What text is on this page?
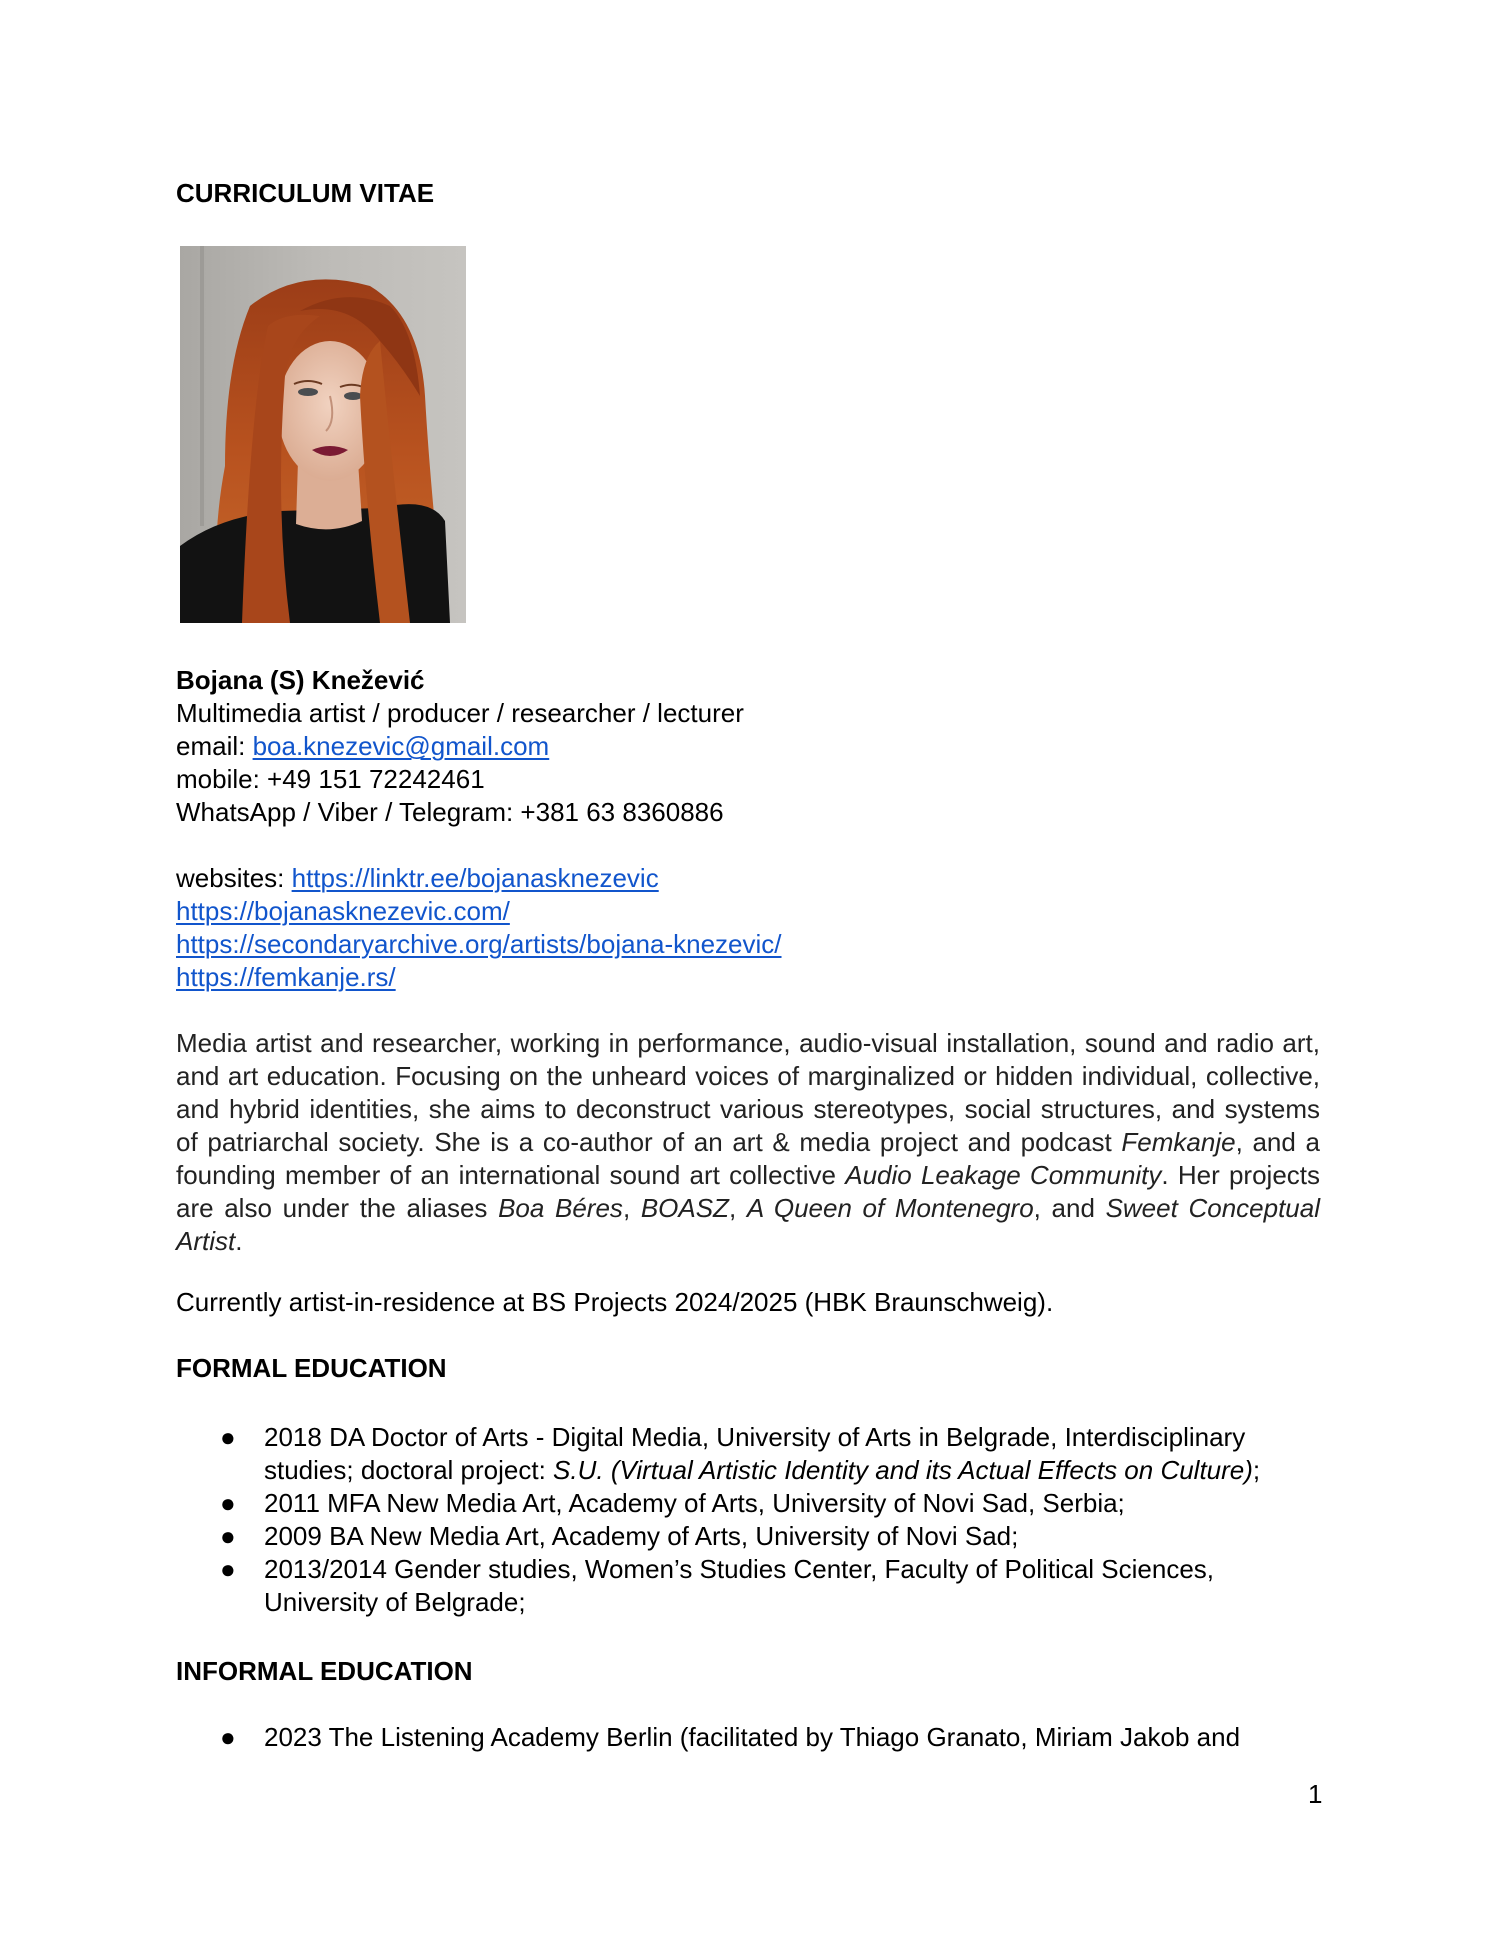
CURRICULUM VITAE
Bojana (S) Knežević
Multimedia artist / producer / researcher / lecturer
email: boa.knezevic@gmail.com
mobile: +49 151 72242461
WhatsApp / Viber / Telegram: +381 63 8360886
websites: https://linktr.ee/bojanasknezevic
https://bojanasknezevic.com/
https://secondaryarchive.org/artists/bojana-knezevic/
https://femkanje.rs/
Media artist and researcher, working in performance, audio-visual installation, sound and radio art, and art education. Focusing on the unheard voices of marginalized or hidden individual, collective, and hybrid identities, she aims to deconstruct various stereotypes, social structures, and systems of patriarchal society. She is a co-author of an art & media project and podcast Femkanje, and a founding member of an international sound art collective Audio Leakage Community. Her projects are also under the aliases Boa Béres, BOASZ, A Queen of Montenegro, and Sweet Conceptual Artist.
Currently artist-in-residence at BS Projects 2024/2025 (HBK Braunschweig).
FORMAL EDUCATION
● 2018 DA Doctor of Arts - Digital Media, University of Arts in Belgrade, Interdisciplinary
studies; doctoral project: S.U. (Virtual Artistic Identity and its Actual Effects on Culture);
● 2011 MFA New Media Art, Academy of Arts, University of Novi Sad, Serbia;
● 2009 BA New Media Art, Academy of Arts, University of Novi Sad;
● 2013/2014 Gender studies, Women’s Studies Center, Faculty of Political Sciences,
University of Belgrade;
INFORMAL EDUCATION
● 2023 The Listening Academy Berlin (facilitated by Thiago Granato, Miriam Jakob and
1
